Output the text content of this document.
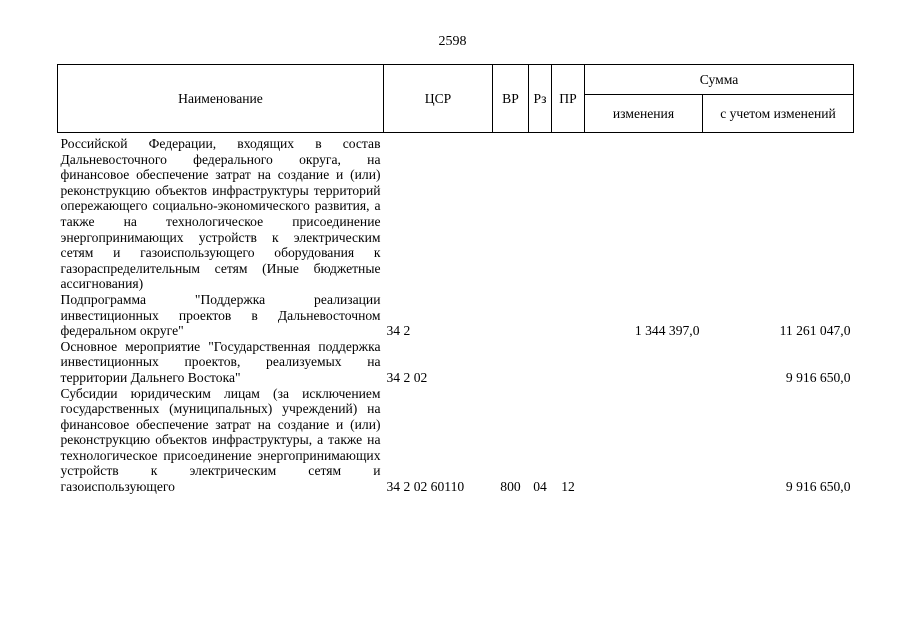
2598
Наименование	ЦСР	ВР	Рз	ПР	Сумма	
					изменения	с учетом изменений
Российской Федерации, входящих в состав Дальневосточного федерального округа, на финансовое обеспечение затрат на создание и (или) реконструкцию объектов инфраструктуры территорий опережающего социально-экономического развития, а также на технологическое присоединение энергопринимающих устройств к электрическим сетям и газоиспользующего оборудования к газораспределительным сетям (Иные бюджетные ассигнования)						
Подпрограмма "Поддержка реализации инвестиционных проектов в Дальневосточном федеральном округе"	34 2				1 344 397,0	11 261 047,0
Основное мероприятие "Государственная поддержка инвестиционных проектов, реализуемых на территории Дальнего Востока"	34 2 02					9 916 650,0
Субсидии юридическим лицам (за исключением государственных (муниципальных) учреждений) на финансовое обеспечение затрат на создание и (или) реконструкцию объектов инфраструктуры, а также на технологическое присоединение энергопринимающих устройств к электрическим сетям и газоиспользующего	34 2 02 60110	800	04	12		9 916 650,0
